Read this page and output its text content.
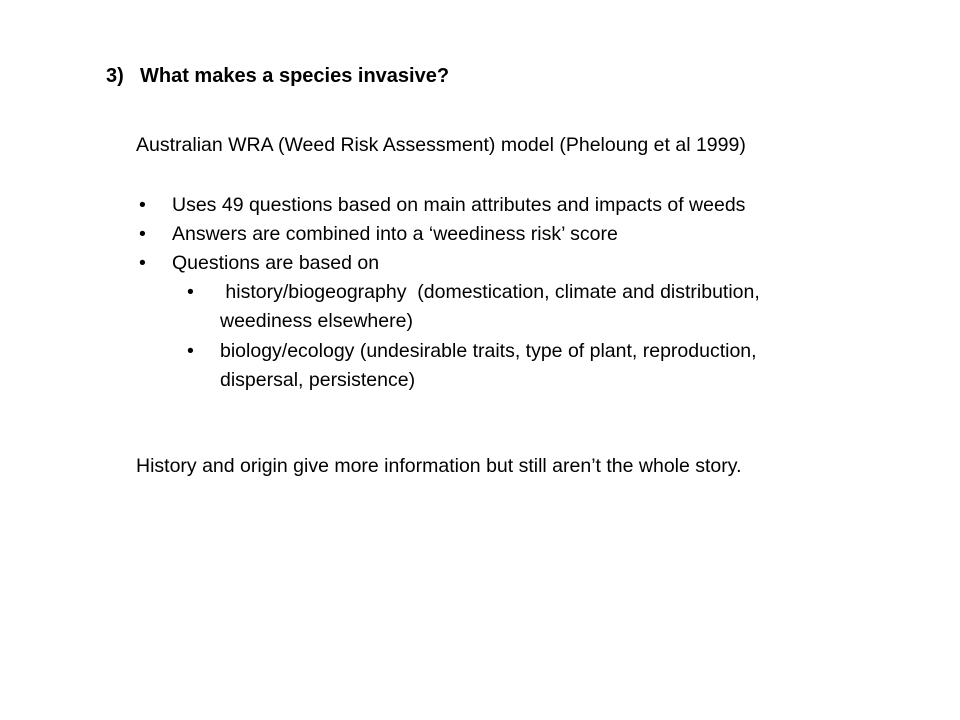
3) What makes a species invasive?
Australian WRA (Weed Risk Assessment) model (Pheloung et al 1999)
• Uses 49 questions based on main attributes and impacts of weeds
• Answers are combined into a ‘weediness risk’ score
• Questions are based on
• history/biogeography  (domestication, climate and distribution,
weediness elsewhere)
• biology/ecology (undesirable traits, type of plant, reproduction,
dispersal, persistence)
History and origin give more information but still aren’t the whole story.
